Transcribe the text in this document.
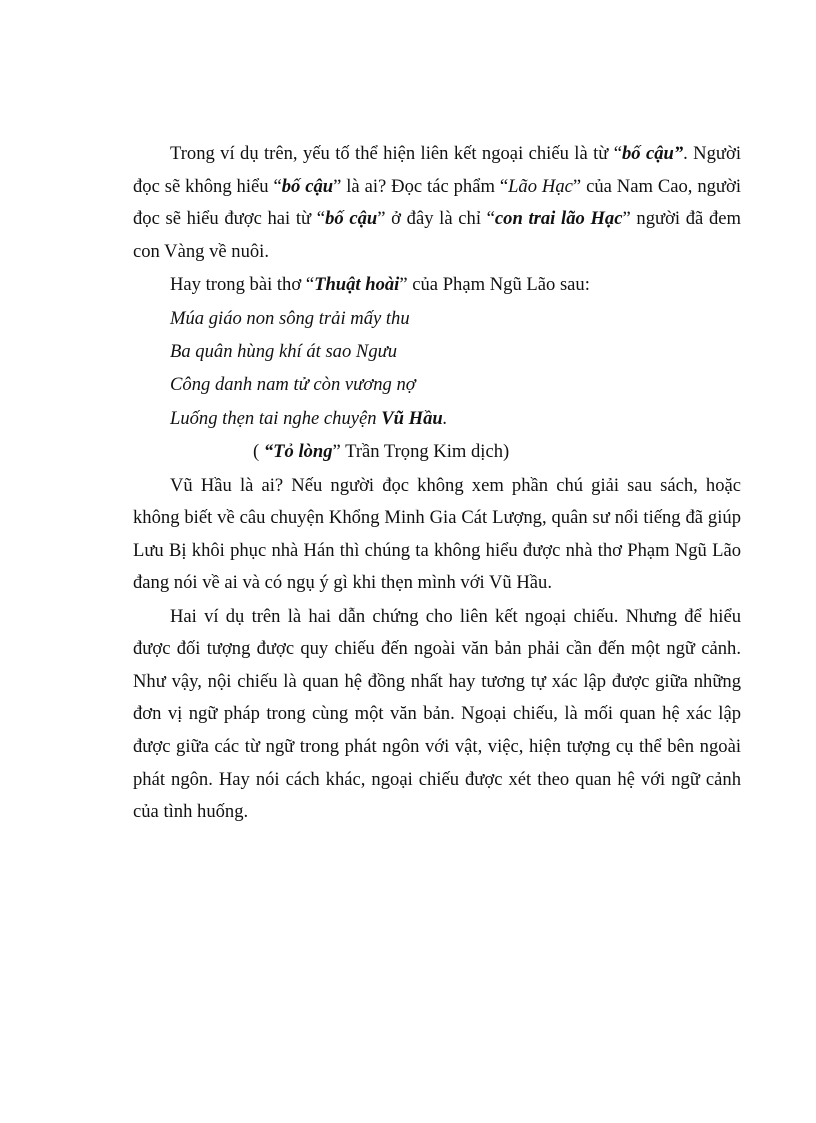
Trong ví dụ trên, yếu tố thể hiện liên kết ngoại chiếu là từ “bố cậu”. Người đọc sẽ không hiểu “bố cậu” là ai? Đọc tác phẩm “Lão Hạc” của Nam Cao, người đọc sẽ hiểu được hai từ “bố cậu” ở đây là chỉ “con trai lão Hạc” người đã đem con Vàng về nuôi.

Hay trong bài thơ “Thuật hoài” của Phạm Ngũ Lão sau:

Múa giáo non sông trải mấy thu

Ba quân hùng khí át sao Ngưu

Công danh nam tử còn vương nợ

Luống thẹn tai nghe chuyện Vũ Hầu.

( “Tỏ lòng” Trần Trọng Kim dịch)

Vũ Hầu là ai? Nếu người đọc không xem phần chú giải sau sách, hoặc không biết về câu chuyện Khổng Minh Gia Cát Lượng, quân sư nổi tiếng đã giúp Lưu Bị khôi phục nhà Hán thì chúng ta không hiểu được nhà thơ Phạm Ngũ Lão đang nói về ai và có ngụ ý gì khi thẹn mình với Vũ Hầu.

Hai ví dụ trên là hai dẫn chứng cho liên kết ngoại chiếu. Nhưng để hiểu được đối tượng được quy chiếu đến ngoài văn bản phải cần đến một ngữ cảnh. Như vậy, nội chiếu là quan hệ đồng nhất hay tương tự xác lập được giữa những đơn vị ngữ pháp trong cùng một văn bản. Ngoại chiếu, là mối quan hệ xác lập được giữa các từ ngữ trong phát ngôn với vật, việc, hiện tượng cụ thể bên ngoài phát ngôn. Hay nói cách khác, ngoại chiếu được xét theo quan hệ với ngữ cảnh của tình huống.
